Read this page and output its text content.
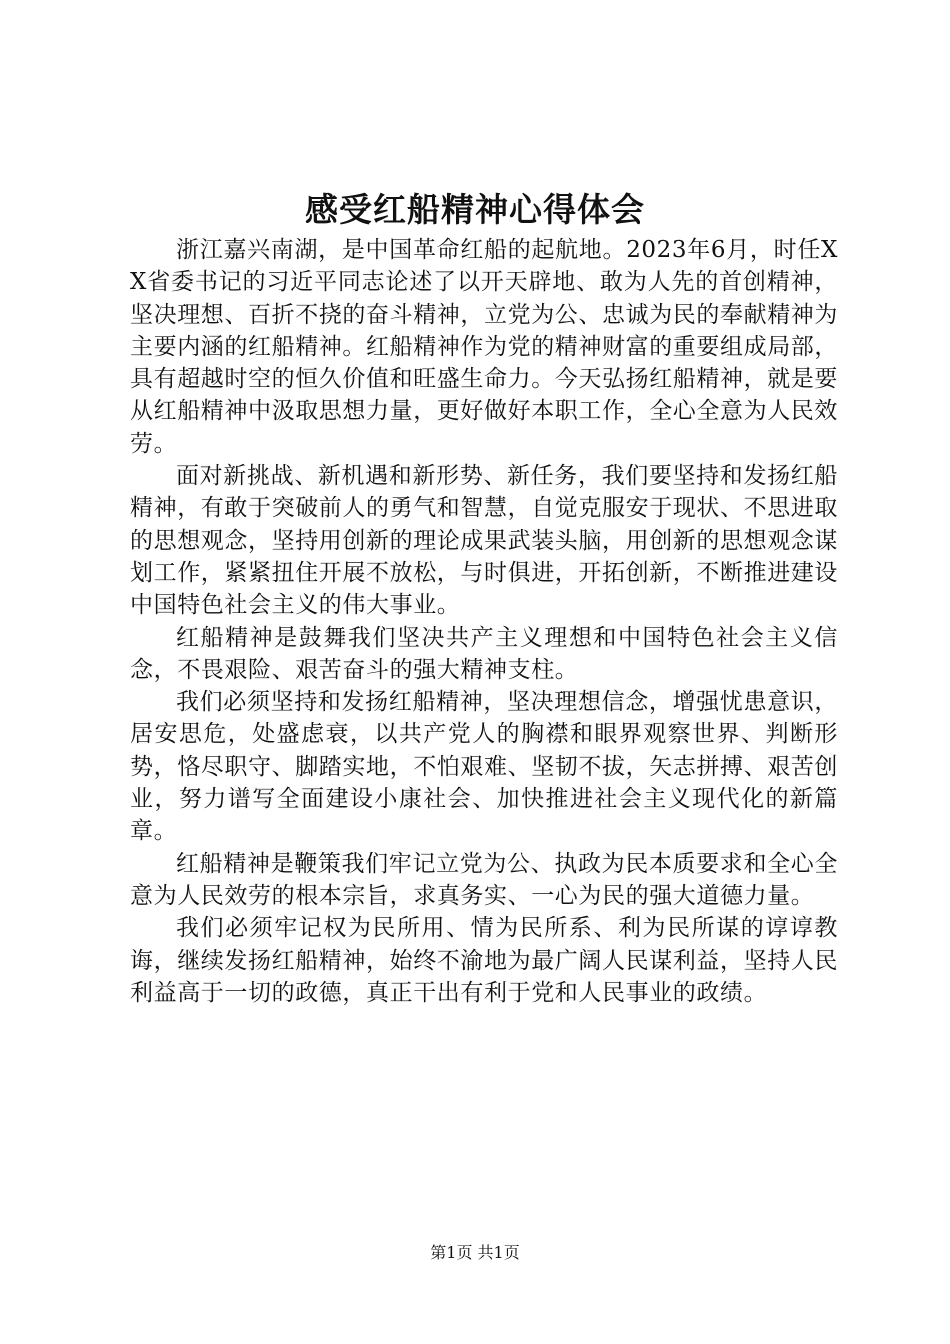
感受红船精神心得体会

浙江嘉兴南湖，是中国革命红船的起航地。2023年6月，时任XX省委书记的习近平同志论述了以开天辟地、敢为人先的首创精神，坚决理想、百折不挠的奋斗精神，立党为公、忠诚为民的奉献精神为主要内涵的红船精神。红船精神作为党的精神财富的重要组成局部，具有超越时空的恒久价值和旺盛生命力。今天弘扬红船精神，就是要从红船精神中汲取思想力量，更好做好本职工作，全心全意为人民效劳。

面对新挑战、新机遇和新形势、新任务，我们要坚持和发扬红船精神，有敢于突破前人的勇气和智慧，自觉克服安于现状、不思进取的思想观念，坚持用创新的理论成果武装头脑，用创新的思想观念谋划工作，紧紧扭住开展不放松，与时俱进，开拓创新，不断推进建设中国特色社会主义的伟大事业。

红船精神是鼓舞我们坚决共产主义理想和中国特色社会主义信念，不畏艰险、艰苦奋斗的强大精神支柱。

我们必须坚持和发扬红船精神，坚决理想信念，增强忧患意识，居安思危，处盛虑衰，以共产党人的胸襟和眼界观察世界、判断形势，恪尽职守、脚踏实地，不怕艰难、坚韧不拔，矢志拼搏、艰苦创业，努力谱写全面建设小康社会、加快推进社会主义现代化的新篇章。

红船精神是鞭策我们牢记立党为公、执政为民本质要求和全心全意为人民效劳的根本宗旨，求真务实、一心为民的强大道德力量。

我们必须牢记权为民所用、情为民所系、利为民所谋的谆谆教诲，继续发扬红船精神，始终不渝地为最广阔人民谋利益，坚持人民利益高于一切的政德，真正干出有利于党和人民事业的政绩。

第1页 共1页
